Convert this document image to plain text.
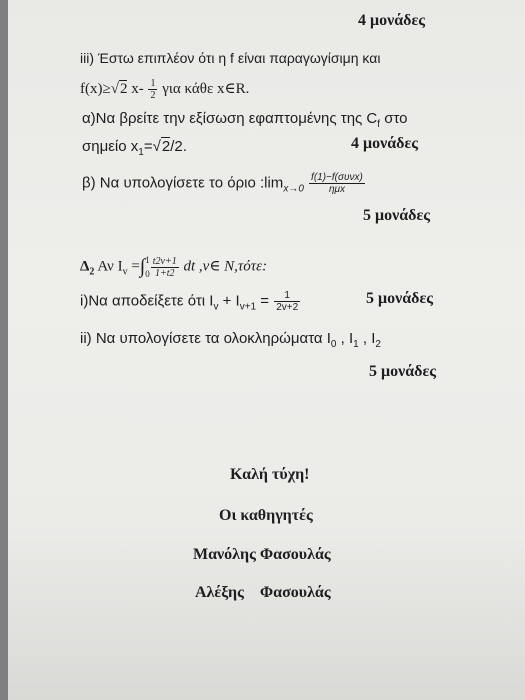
4 μονάδες
iii) Έστω επιπλέον ότι η f είναι παραγωγίσιμη και
f(x)≥√2 $x- \frac{1}{2}$ για κάθε x∈R.
α)Να βρείτε την εξίσωση εφαπτομένης της $C_f$ στο
σημείο $x_1=√2/2$.	4 μονάδες
β) Να υπολογίσετε το όριο $:\lim_{x\to 0} \frac{\text{f(1)−f(συνx)}}{\text{ημx}}$
5 μονάδες
$\Delta_2$ Αν $I_v$ =∫ 1
$0 \frac{t2v+1}{1+t2}$ dt ,v∈ N,τότε:
i)Να αποδείξετε ότι $I_v + I_{v+1} = \frac{1}{2v+2}$	5 μονάδες
ii) Να υπολογίσετε τα ολοκληρώματα $I_0$ , $I_1$ , $I_2$
5 μονάδες
Καλή τύχη!
Οι καθηγητές
Μανόλης Φασουλάς
Αλέξης    Φασουλάς
